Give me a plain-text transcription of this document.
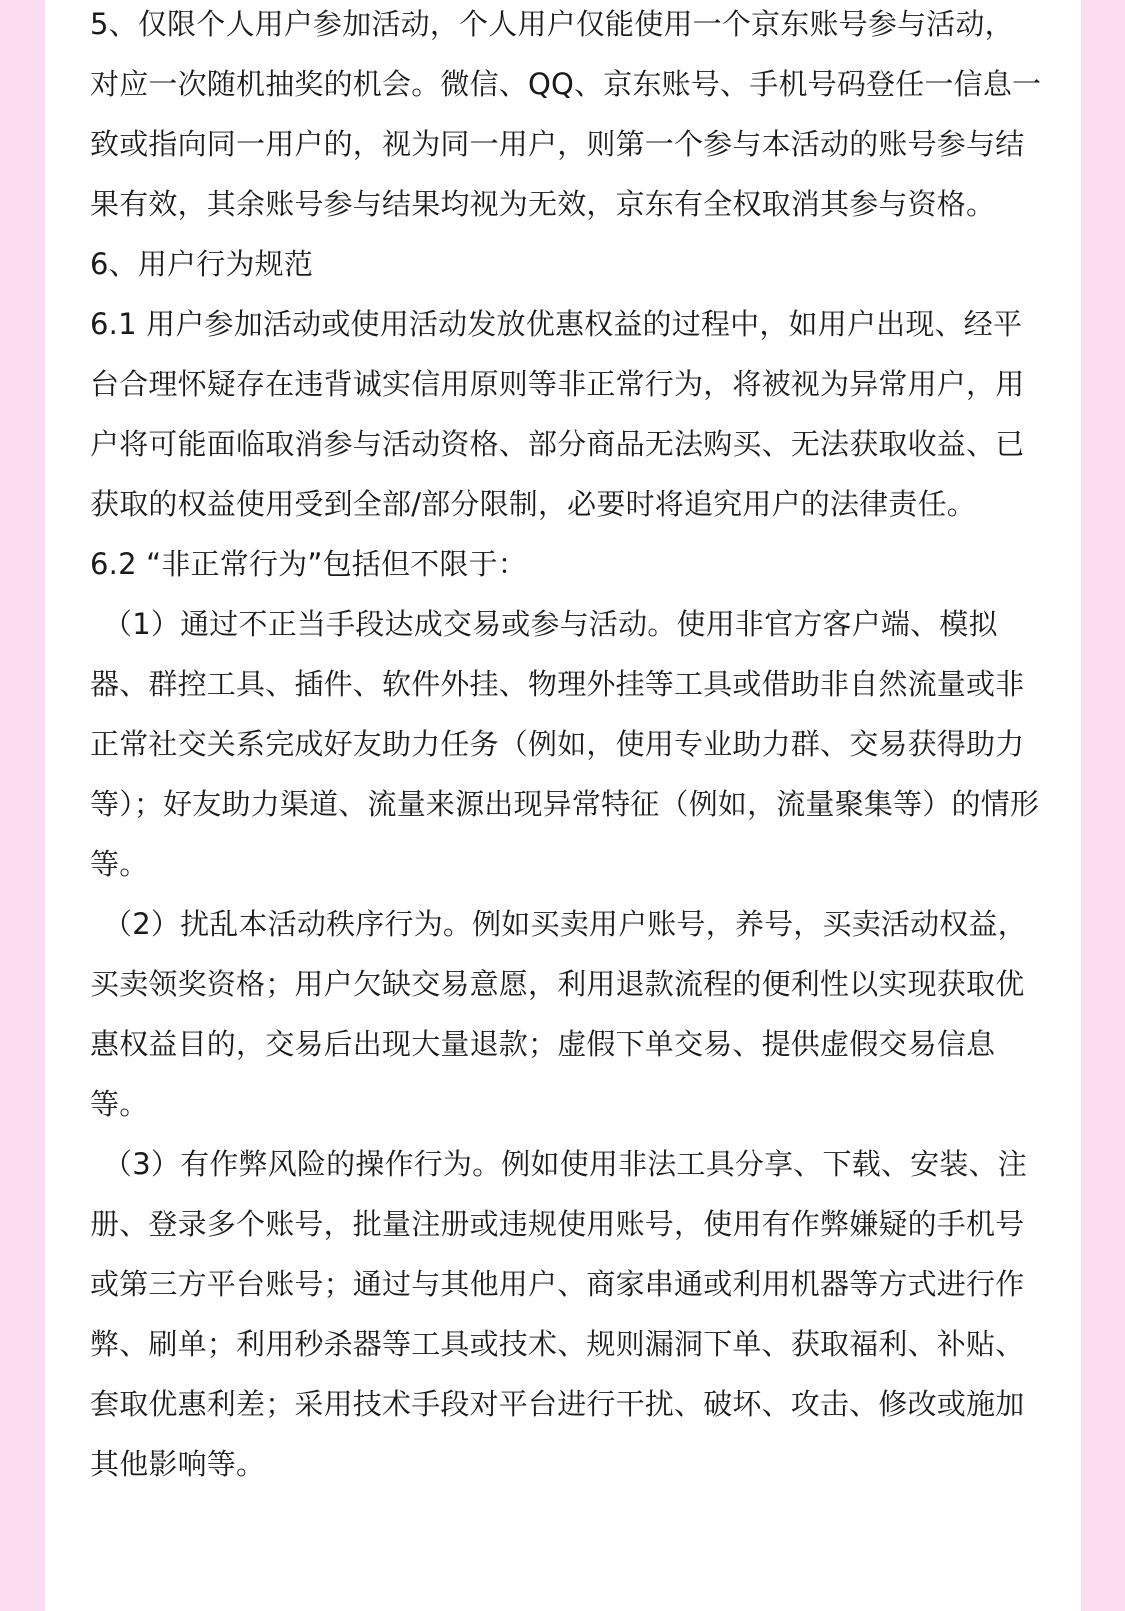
5、仅限个人用户参加活动，个人用户仅能使用一个京东账号参与活动，对应一次随机抽奖的机会。微信、QQ、京东账号、手机号码登任一信息一致或指向同一用户的，视为同一用户，则第一个参与本活动的账号参与结果有效，其余账号参与结果均视为无效，京东有全权取消其参与资格。

6、用户行为规范

6.1 用户参加活动或使用活动发放优惠权益的过程中，如用户出现、经平台合理怀疑存在违背诚实信用原则等非正常行为，将被视为异常用户，用户将可能面临取消参与活动资格、部分商品无法购买、无法获取收益、已获取的权益使用受到全部/部分限制，必要时将追究用户的法律责任。

6.2 “非正常行为”包括但不限于：

（1）通过不正当手段达成交易或参与活动。使用非官方客户端、模拟器、群控工具、插件、软件外挂、物理外挂等工具或借助非自然流量或非正常社交关系完成好友助力任务（例如，使用专业助力群、交易获得助力等）；好友助力渠道、流量来源出现异常特征（例如，流量聚集等）的情形等。

（2）扰乱本活动秩序行为。例如买卖用户账号，养号，买卖活动权益，买卖领奖资格；用户欠缺交易意愿，利用退款流程的便利性以实现获取优惠权益目的，交易后出现大量退款；虚假下单交易、提供虚假交易信息等。

（3）有作弊风险的操作行为。例如使用非法工具分享、下载、安装、注册、登录多个账号，批量注册或违规使用账号，使用有作弊嫌疑的手机号或第三方平台账号；通过与其他用户、商家串通或利用机器等方式进行作弊、刷单；利用秒杀器等工具或技术、规则漏洞下单、获取福利、补贴、套取优惠利差；采用技术手段对平台进行干扰、破坏、攻击、修改或施加其他影响等。
